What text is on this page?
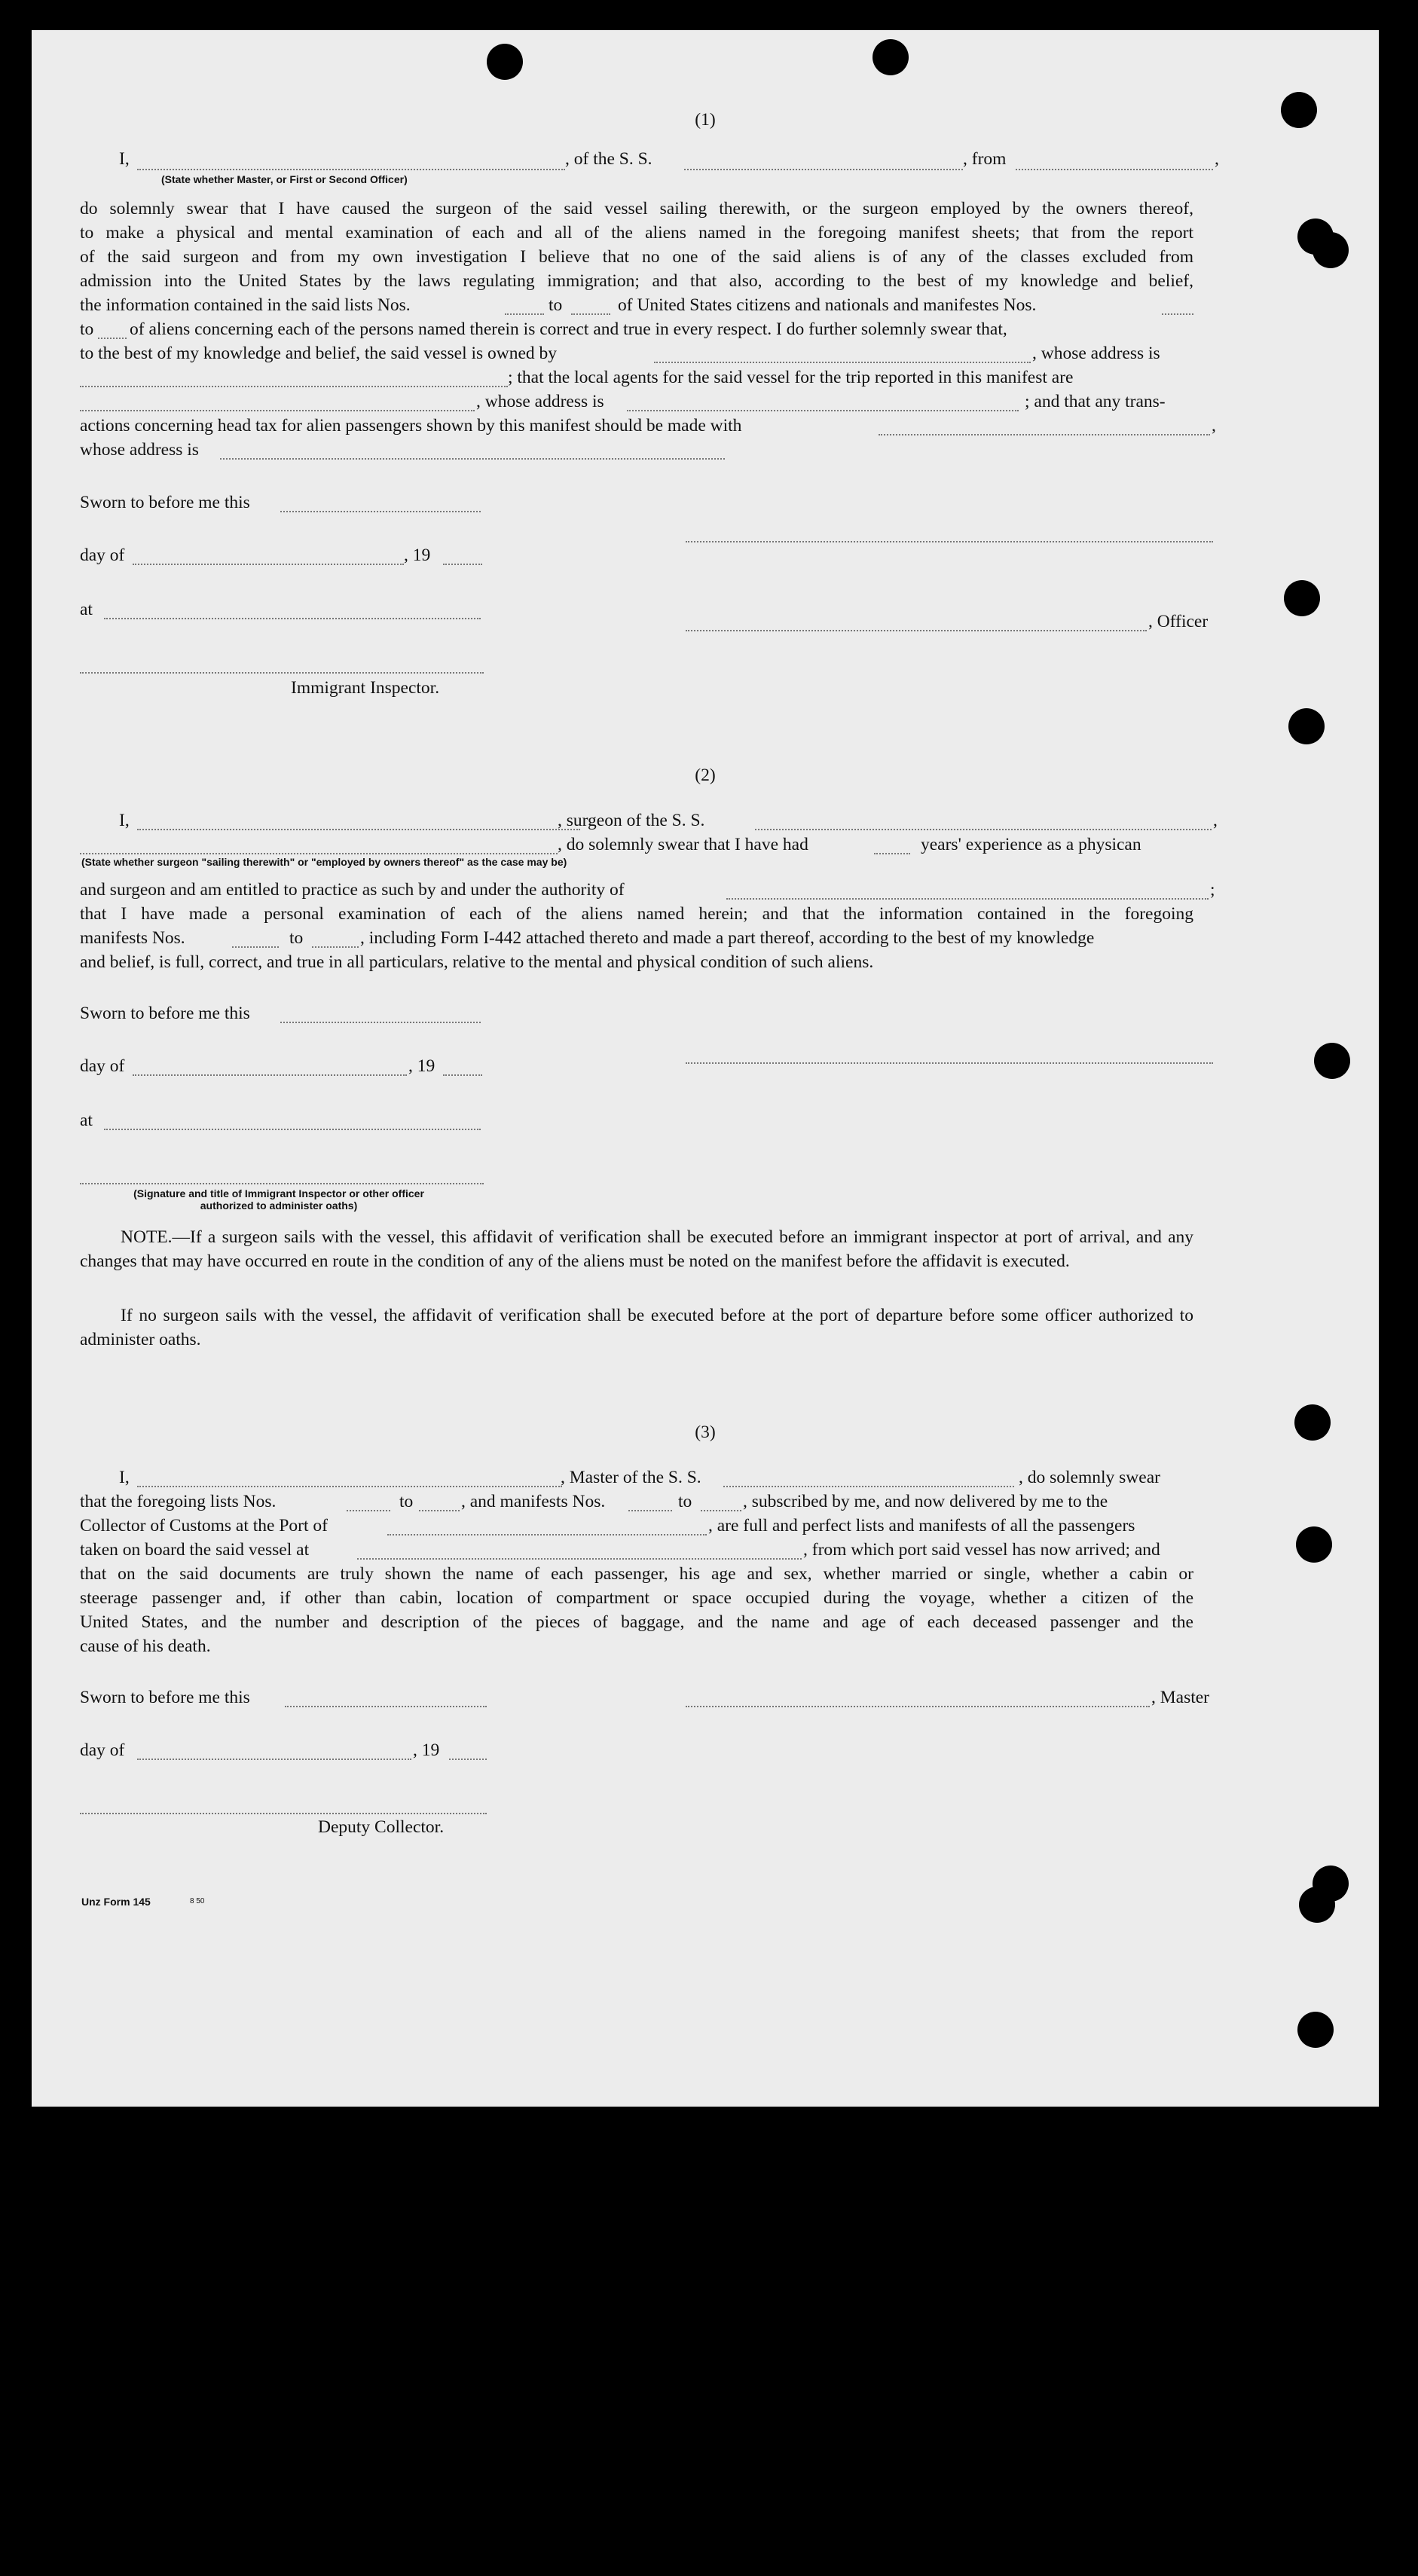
(1)
I,	, of the S. S.	, from	,
(State whether Master, or First or Second Officer)
do solemnly swear that I have caused the surgeon of the said vessel sailing therewith, or the surgeon employed by the owners thereof,
to make a physical and mental examination of each and all of the aliens named in the foregoing manifest sheets; that from the report
of the said surgeon and from my own investigation I believe that no one of the said aliens is of any of the classes excluded from
admission into the United States by the laws regulating immigration; and that also, according to the best of my knowledge and belief,
the information contained in the said lists Nos.	to	of United States citizens and nationals and manifestes Nos.
to of aliens concerning each of the persons named therein is correct and true in every respect. I do further solemnly swear that,
to the best of my knowledge and belief, the said vessel is owned by	, whose address is
; that the local agents for the said vessel for the trip reported in this manifest are
, whose address is	; and that any trans-
actions concerning head tax for alien passengers shown by this manifest should be made with	,
whose address is
Sworn to before me this
day of	, 19
at
, Officer
Immigrant Inspector.
(2)
I,	, surgeon of the S. S.	,
, do solemnly swear that I have had	years' experience as a physican
(State whether surgeon "sailing therewith" or "employed by owners thereof" as the case may be)
and surgeon and am entitled to practice as such by and under the authority of	;
that I have made a personal examination of each of the aliens named herein; and that the information contained in the foregoing
manifests Nos.	to	, including Form I-442 attached thereto and made a part thereof, according to the best of my knowledge
and belief, is full, correct, and true in all particulars, relative to the mental and physical condition of such aliens.
Sworn to before me this
day of	, 19
at
(Signature and title of Immigrant Inspector or other officer authorized to administer oaths)
NOTE.—If a surgeon sails with the vessel, this affidavit of verification shall be executed before an immigrant inspector at port of arrival, and any changes that may have occurred en route in the condition of any of the aliens must be noted on the manifest before the affidavit is executed.
If no surgeon sails with the vessel, the affidavit of verification shall be executed before at the port of departure before some officer authorized to administer oaths.
(3)
I,	, Master of the S. S.	, do solemnly swear
that the foregoing lists Nos.	to	, and manifests Nos.	to	, subscribed by me, and now delivered by me to the
Collector of Customs at the Port of	, are full and perfect lists and manifests of all the passengers
taken on board the said vessel at	, from which port said vessel has now arrived; and
that on the said documents are truly shown the name of each passenger, his age and sex, whether married or single, whether a cabin or
steerage passenger and, if other than cabin, location of compartment or space occupied during the voyage, whether a citizen of the
United States, and the number and description of the pieces of baggage, and the name and age of each deceased passenger and the
cause of his death.
Sworn to before me this	, Master
day of	, 19
Deputy Collector.
Unz Form 145	8 50
